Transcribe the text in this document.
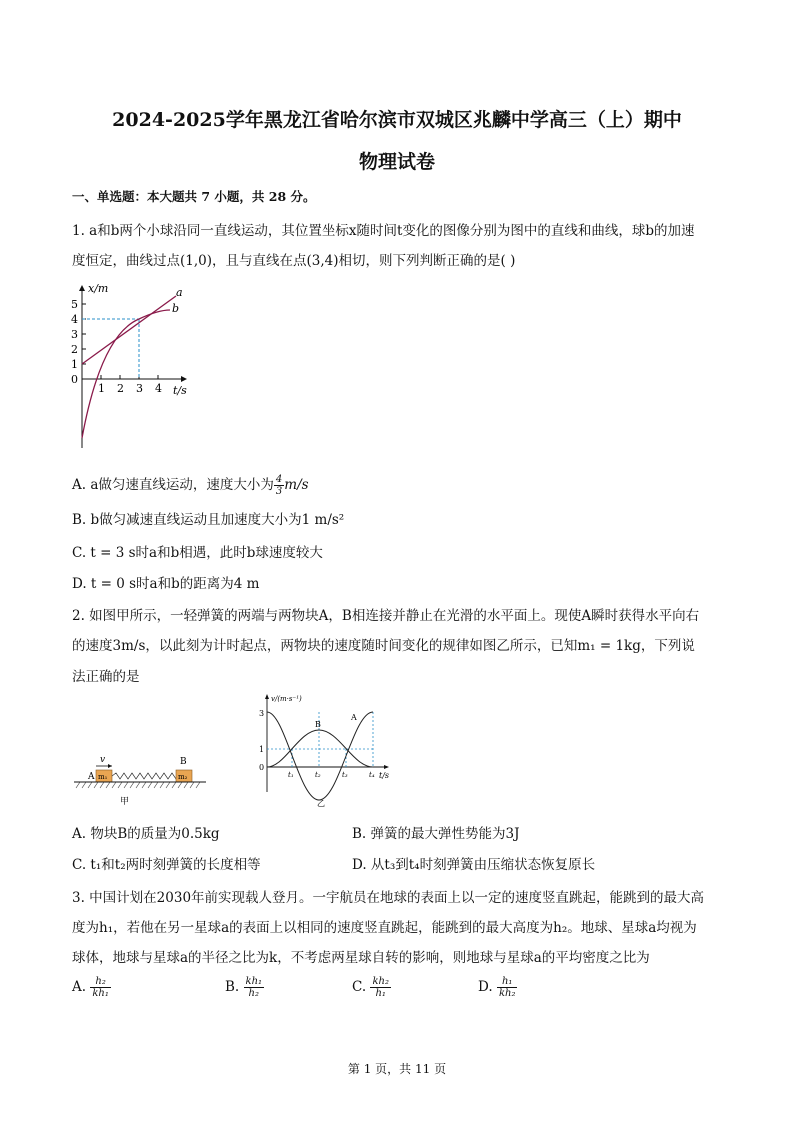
2024-2025学年黑龙江省哈尔滨市双城区兆麟中学高三（上）期中
物理试卷
一、单选题：本大题共 7 小题，共 28 分。
1. a和b两个小球沿同一直线运动，其位置坐标x随时间t变化的图像分别为图中的直线和曲线，球b的加速
度恒定，曲线过点(1,0)，且与直线在点(3,4)相切，则下列判断正确的是( )
x/m
t/s
5
4
3
2
1
0
1 2 3 4
a
b
A. a做匀速直线运动，速度大小为 $\frac{4}{3} m/s$
B. b做匀减速直线运动且加速度大小为1 m/s²
C. t = 3 s时a和b相遇，此时b球速度较大
D. t = 0 s时a和b的距离为4 m
2. 如图甲所示，一轻弹簧的两端与两物块A，B相连接并静止在光滑的水平面上。现使A瞬时获得水平向右
的速度3m/s，以此刻为计时起点，两物块的速度随时间变化的规律如图乙所示，已知m₁ = 1kg，下列说
法正确的是
v
A
B
m₁	m₂
甲
v/(m·s⁻¹)
t/s
3
1
0
t₁	t₂	t₃	t₄
B
A
乙
A. 物块B的质量为0.5kg	B. 弹簧的最大弹性势能为3J
C. t₁和t₂两时刻弹簧的长度相等	D. 从t₃到t₄时刻弹簧由压缩状态恢复原长
3. 中国计划在2030年前实现载人登月。一宇航员在地球的表面上以一定的速度竖直跳起，能跳到的最大高
度为h₁，若他在另一星球a的表面上以相同的速度竖直跳起，能跳到的最大高度为h₂。地球、星球a均视为
球体，地球与星球a的半径之比为k，不考虑两星球自转的影响，则地球与星球a的平均密度之比为
A. $\frac{\text{h₂}}{\text{kh₁}}$	B. $\frac{\text{kh₁}}{\text{h₂}}$	C. $\frac{\text{kh₂}}{\text{h₁}}$	D. $\frac{\text{h₁}}{\text{kh₂}}$
第 1 页，共 11 页
